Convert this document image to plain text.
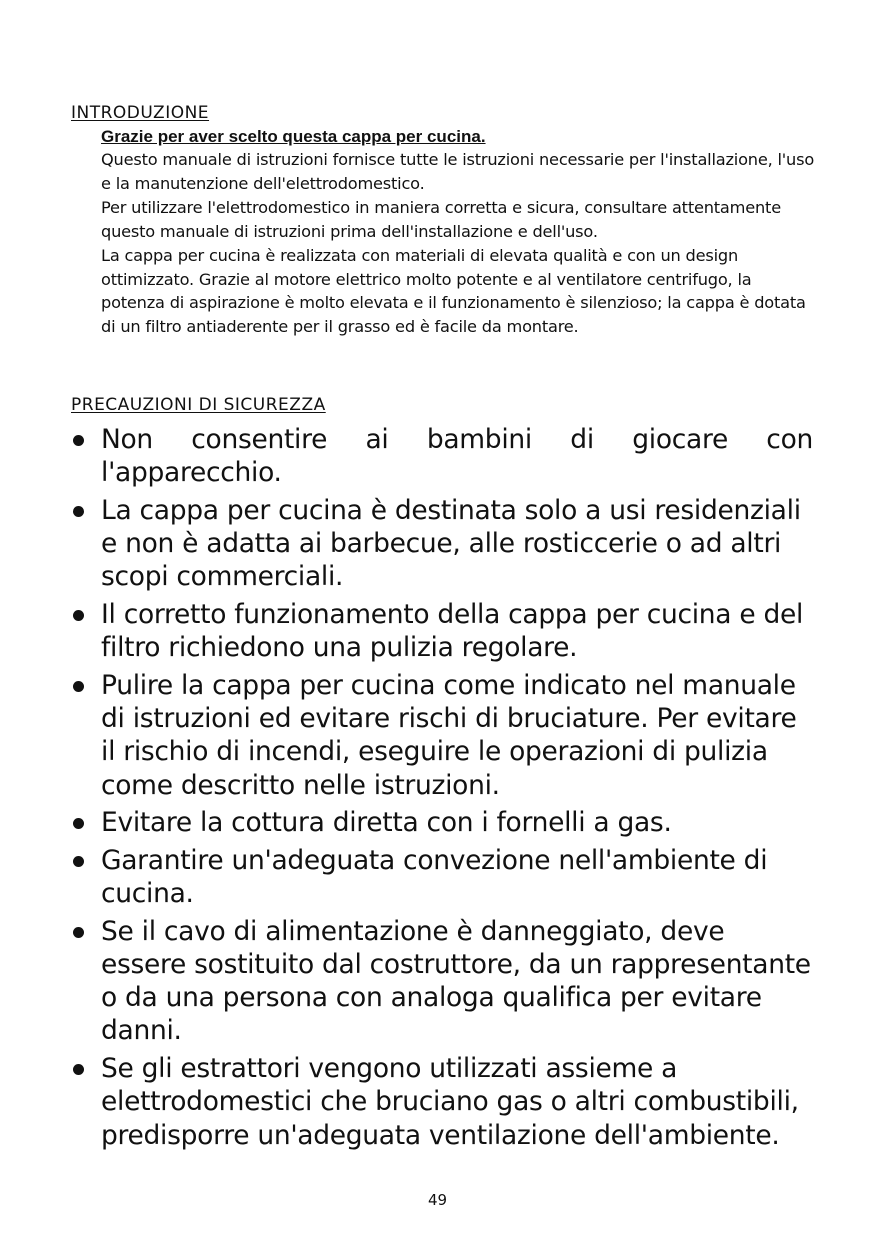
INTRODUZIONE

Grazie per aver scelto questa cappa per cucina.

Questo manuale di istruzioni fornisce tutte le istruzioni necessarie per l'installazione, l'uso e la manutenzione dell'elettrodomestico.

Per utilizzare l'elettrodomestico in maniera corretta e sicura, consultare attentamente questo manuale di istruzioni prima dell'installazione e dell'uso.

La cappa per cucina è realizzata con materiali di elevata qualità e con un design ottimizzato. Grazie al motore elettrico molto potente e al ventilatore centrifugo, la potenza di aspirazione è molto elevata e il funzionamento è silenzioso; la cappa è dotata di un filtro antiaderente per il grasso ed è facile da montare.

PRECAUZIONI DI SICUREZZA
Non consentire ai bambini di giocare con
l'apparecchio.
La cappa per cucina è destinata solo a usi residenziali e non è adatta ai barbecue, alle rosticcerie o ad altri scopi commerciali.
Il corretto funzionamento della cappa per cucina e del filtro richiedono una pulizia regolare.
Pulire la cappa per cucina come indicato nel manuale di istruzioni ed evitare rischi di bruciature. Per evitare il rischio di incendi, eseguire le operazioni di pulizia come descritto nelle istruzioni.
Evitare la cottura diretta con i fornelli a gas.
Garantire un'adeguata convezione nell'ambiente di cucina.
Se il cavo di alimentazione è danneggiato, deve essere sostituito dal costruttore, da un rappresentante o da una persona con analoga qualifica per evitare danni.
Se gli estrattori vengono utilizzati assieme a elettrodomestici che bruciano gas o altri combustibili, predisporre un'adeguata ventilazione dell'ambiente.
49
